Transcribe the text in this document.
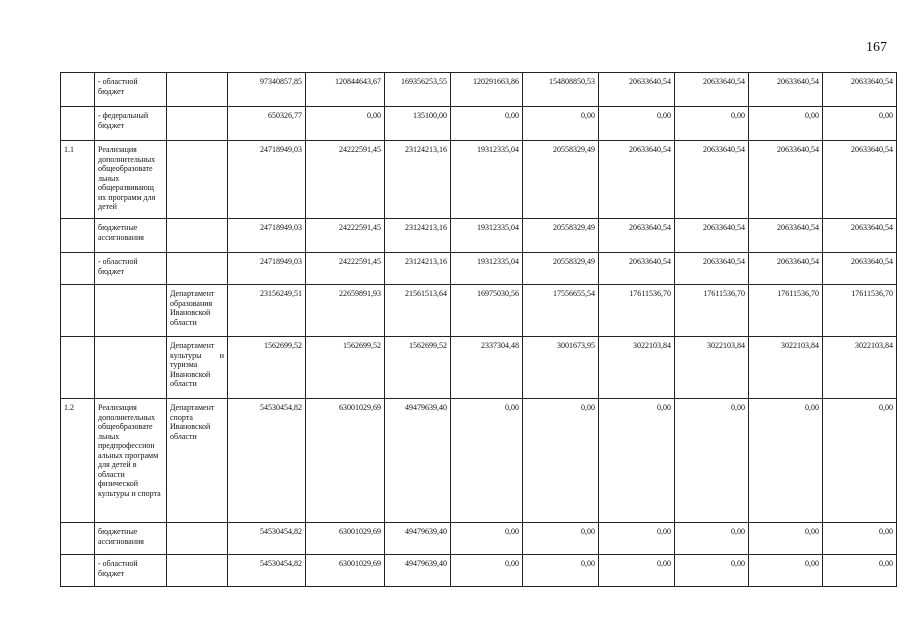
167
	- областной бюджет		97340857,85	120844643,67	169356253,55	120291663,86	154808850,53	20633640,54	20633640,54	20633640,54	20633640,54
	- федеральный бюджет		650326,77	0,00	135100,00	0,00	0,00	0,00	0,00	0,00	0,00
1.1	Реализация дополнительных общеобразовате льных общеразвивающ их программ для детей		24718949,03	24222591,45	23124213,16	19312335,04	20558329,49	20633640,54	20633640,54	20633640,54	20633640,54
	бюджетные ассигнования		24718949,03	24222591,45	23124213,16	19312335,04	20558329,49	20633640,54	20633640,54	20633640,54	20633640,54
	- областной бюджет		24718949,03	24222591,45	23124213,16	19312335,04	20558329,49	20633640,54	20633640,54	20633640,54	20633640,54
		Департамент образования Ивановской области	23156249,51	22659891,93	21561513,64	16975030,56	17556655,54	17611536,70	17611536,70	17611536,70	17611536,70
		Департамент культуры и туризма Ивановской области	1562699,52	1562699,52	1562699,52	2337304,48	3001673,95	3022103,84	3022103,84	3022103,84	3022103,84
1.2	Реализация дополнительных общеобразовате льных предпрофессион альных программ для детей в области физической культуры и спорта	Департамент спорта Ивановской области	54530454,82	63001029,69	49479639,40	0,00	0,00	0,00	0,00	0,00	0,00
	бюджетные ассигнования		54530454,82	63001029,69	49479639,40	0,00	0,00	0,00	0,00	0,00	0,00
	- областной бюджет		54530454,82	63001029,69	49479639,40	0,00	0,00	0,00	0,00	0,00	0,00
